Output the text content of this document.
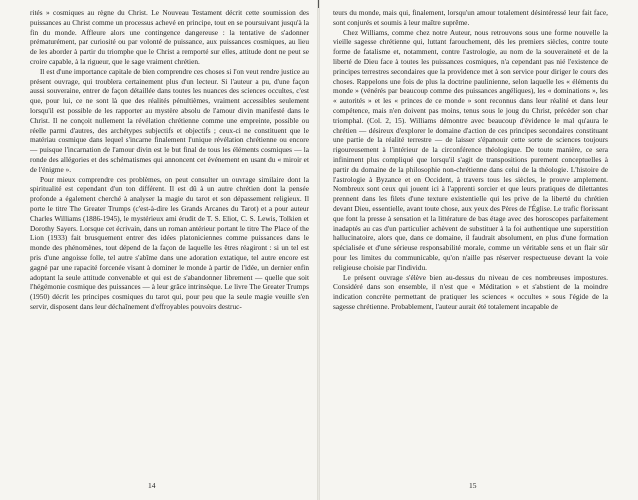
rités » cosmiques au règne du Christ. Le Nouveau Testament décrit cette soumission des puissances au Christ comme un processus achevé en principe, tout en se poursuivant jusqu'à la fin du monde. Affleure alors une contingence dangereuse : la tentative de s'adonner prématurément, par curiosité ou par volonté de puissance, aux puissances cosmiques, au lieu de les aborder à partir du triomphe que le Christ a remporté sur elles, attitude dont ne peut se croire capable, à la rigueur, que le sage vraiment chrétien.

Il est d'une importance capitale de bien comprendre ces choses si l'on veut rendre justice au présent ouvrage, qui troublera certainement plus d'un lecteur. Si l'auteur a pu, d'une façon aussi souveraine, entrer de façon détaillée dans toutes les nuances des sciences occultes, c'est que, pour lui, ce ne sont là que des réalités pénultièmes, vraiment accessibles seulement lorsqu'il est possible de les rapporter au mystère absolu de l'amour divin manifesté dans le Christ. Il ne conçoit nullement la révélation chrétienne comme une empreinte, possible ou réelle parmi d'autres, des archétypes subjectifs et objectifs ; ceux-ci ne constituent que le matériau cosmique dans lequel s'incarne finalement l'unique révélation chrétienne ou encore — puisque l'incarnation de l'amour divin est le but final de tous les éléments cosmiques — la ronde des allégories et des schématismes qui annoncent cet événement en usant du « miroir et de l'énigme ».

Pour mieux comprendre ces problèmes, on peut consulter un ouvrage similaire dont la spiritualité est cependant d'un ton différent. Il est dû à un autre chrétien dont la pensée profonde a également cherché à analyser la magie du tarot et son dépassement religieux. Il porte le titre The Greater Trumps (c'est-à-dire les Grands Arcanes du Tarot) et a pour auteur Charles Williams (1886-1945), le mystérieux ami érudit de T. S. Eliot, C. S. Lewis, Tolkien et Dorothy Sayers. Lorsque cet écrivain, dans un roman antérieur portant le titre The Place of the Lion (1933) fait brusquement entrer des idées platoniciennes comme puissances dans le monde des phénomènes, tout dépend de la façon de laquelle les êtres réagiront : si un tel est pris d'une angoisse folle, tel autre s'abîme dans une adoration extatique, tel autre encore est gagné par une rapacité forcenée visant à dominer le monde à partir de l'idée, un dernier enfin adoptant la seule attitude convenable et qui est de s'abandonner librement — quelle que soit l'hégémonie cosmique des puissances — à leur grâce intrinsèque. Le livre The Greater Trumps (1950) décrit les principes cosmiques du tarot qui, pour peu que la seule magie veuille s'en servir, disposent dans leur déchaînement d'effroyables pouvoirs destruc-

14

teurs du monde, mais qui, finalement, lorsqu'un amour totalement désintéressé leur fait face, sont conjurés et soumis à leur maître suprême.

Chez Williams, comme chez notre Auteur, nous retrouvons sous une forme nouvelle la vieille sagesse chrétienne qui, luttant farouchement, dès les premiers siècles, contre toute forme de fatalisme et, notamment, contre l'astrologie, au nom de la souveraineté et de la liberté de Dieu face à toutes les puissances cosmiques, n'a cependant pas nié l'existence de principes terrestres secondaires que la providence met à son service pour diriger le cours des choses. Rappelons une fois de plus la doctrine paulinienne, selon laquelle les « éléments du monde » (vénérés par beaucoup comme des puissances angéliques), les « dominations », les « autorités » et les « princes de ce monde » sont reconnus dans leur réalité et dans leur compétence, mais n'en doivent pas moins, tenus sous le joug du Christ, précéder son char triomphal. (Col. 2, 15). Williams démontre avec beaucoup d'évidence le mal qu'aura le chrétien — désireux d'explorer le domaine d'action de ces principes secondaires constituant une partie de la réalité terrestre — de laisser s'épanouir cette sorte de sciences toujours rigoureusement à l'intérieur de la circonférence théologique. De toute manière, ce sera infiniment plus compliqué que lorsqu'il s'agit de transpositions purement conceptuelles à partir du domaine de la philosophie non-chrétienne dans celui de la théologie. L'histoire de l'astrologie à Byzance et en Occident, à travers tous les siècles, le prouve amplement. Nombreux sont ceux qui jouent ici à l'apprenti sorcier et que leurs pratiques de dilettantes prennent dans les filets d'une texture existentielle qui les prive de la liberté du chrétien devant Dieu, essentielle, avant toute chose, aux yeux des Pères de l'Église. Le trafic florissant que font la presse à sensation et la littérature de bas étage avec des horoscopes parfaitement inadaptés au cas d'un particulier achèvent de substituer à la foi authentique une superstition hallucinatoire, alors que, dans ce domaine, il faudrait absolument, en plus d'une formation spécialisée et d'une sérieuse responsabilité morale, comme un véritable sens et un flair sûr pour les limites du communicable, qu'on n'aille pas réserver respectueuse devant la voie religieuse choisie par l'individu.

Le présent ouvrage s'élève bien au-dessus du niveau de ces nombreuses impostures. Considéré dans son ensemble, il n'est que « Méditation » et s'abstient de la moindre indication concrète permettant de pratiquer les sciences « occultes » sous l'égide de la sagesse chrétienne. Probablement, l'auteur aurait été totalement incapable de

15
